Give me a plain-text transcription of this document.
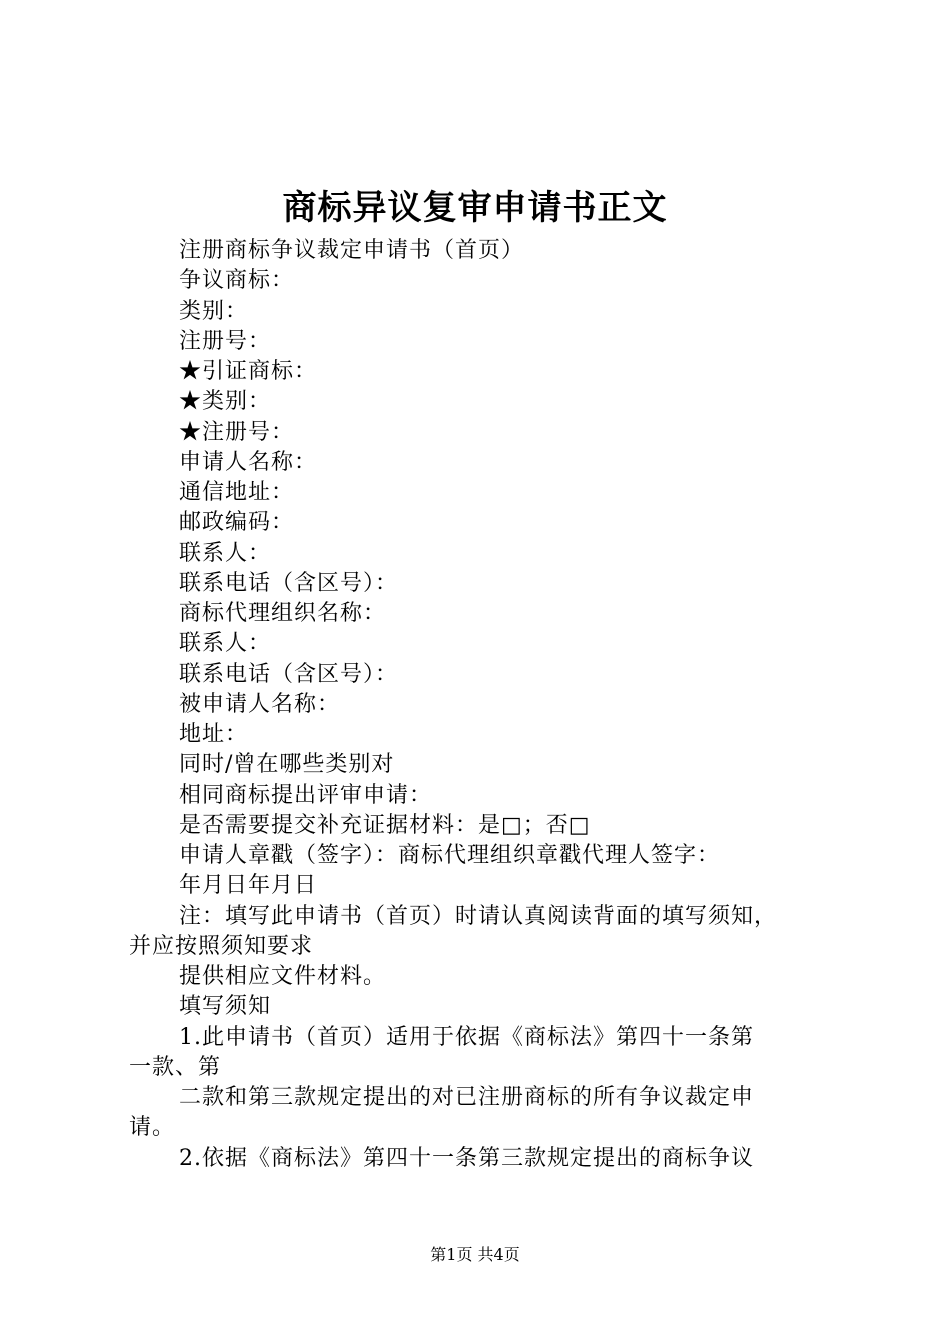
商标异议复审申请书正文
注册商标争议裁定申请书（首页）
争议商标：
类别：
注册号：
★引证商标：
★类别：
★注册号：
申请人名称：
通信地址：
邮政编码：
联系人：
联系电话（含区号）：
商标代理组织名称：
联系人：
联系电话（含区号）：
被申请人名称：
地址：
同时/曾在哪些类别对
相同商标提出评审申请：
是否需要提交补充证据材料：是□；否□
申请人章戳（签字）：商标代理组织章戳代理人签字：
年月日年月日
注：填写此申请书（首页）时请认真阅读背面的填写须知，
并应按照须知要求
提供相应文件材料。
填写须知
1.此申请书（首页）适用于依据《商标法》第四十一条第
一款、第
二款和第三款规定提出的对已注册商标的所有争议裁定申
请。
2.依据《商标法》第四十一条第三款规定提出的商标争议
第1页 共4页
